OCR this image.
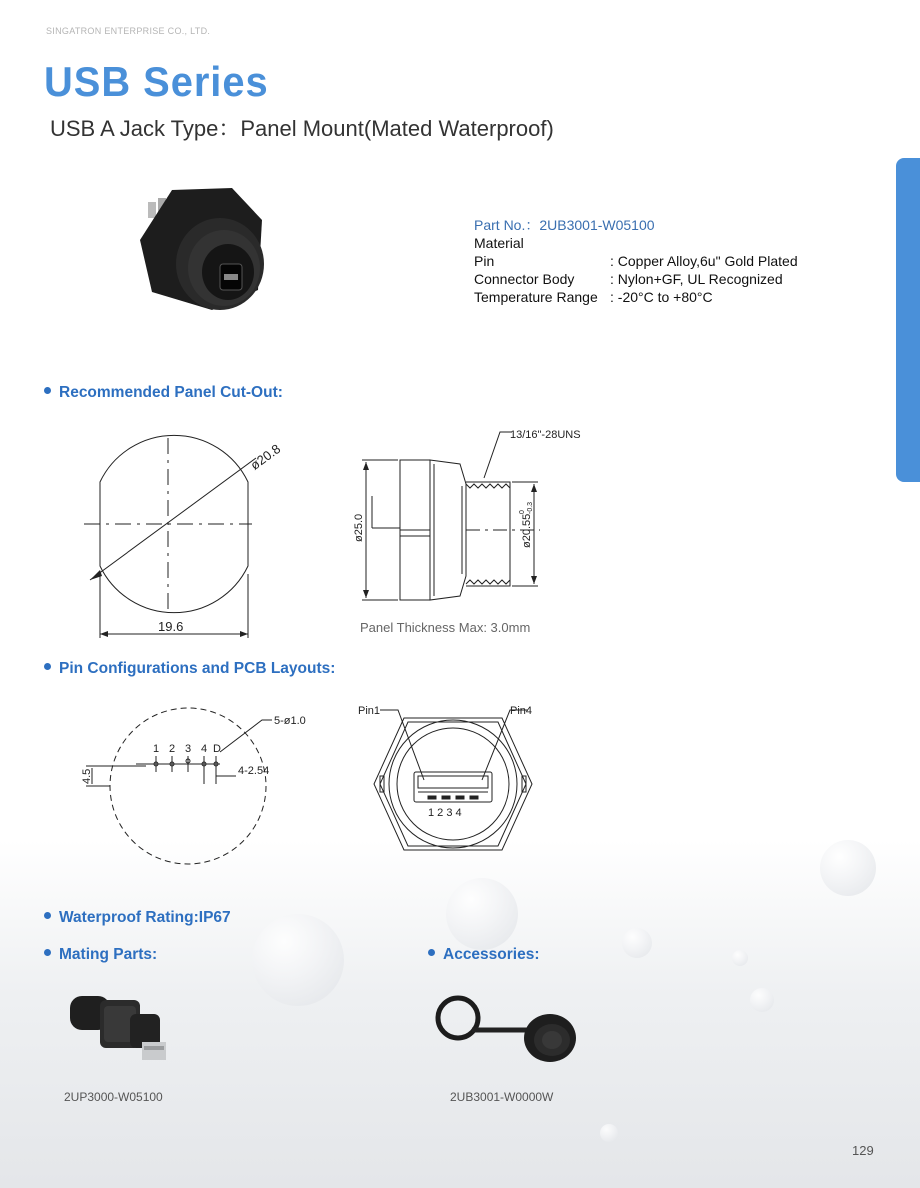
SINGATRON ENTERPRISE CO., LTD.
USB Series
USB A Jack Type：Panel Mount(Mated Waterproof)
Part No.：2UB3001-W05100
Material
Pin	: Copper Alloy,6u" Gold Plated
Connector Body	: Nylon+GF, UL Recognized
Temperature Range : -20°C to +80°C
Recommended Panel Cut-Out:
Pin Configurations and PCB Layouts:
Waterproof Rating:IP67
Mating Parts:	Accessories:
ø20.8
19.6
13/16"-28UNS
ø25.0	ø20.55
0 -0.3
Panel Thickness Max: 3.0mm
5-ø1.0
1 2 3 4 D
4-2.54
4.5
Pin1	Pin4
1 2 3 4
2UP3000-W05100	2UB3001-W0000W
129
